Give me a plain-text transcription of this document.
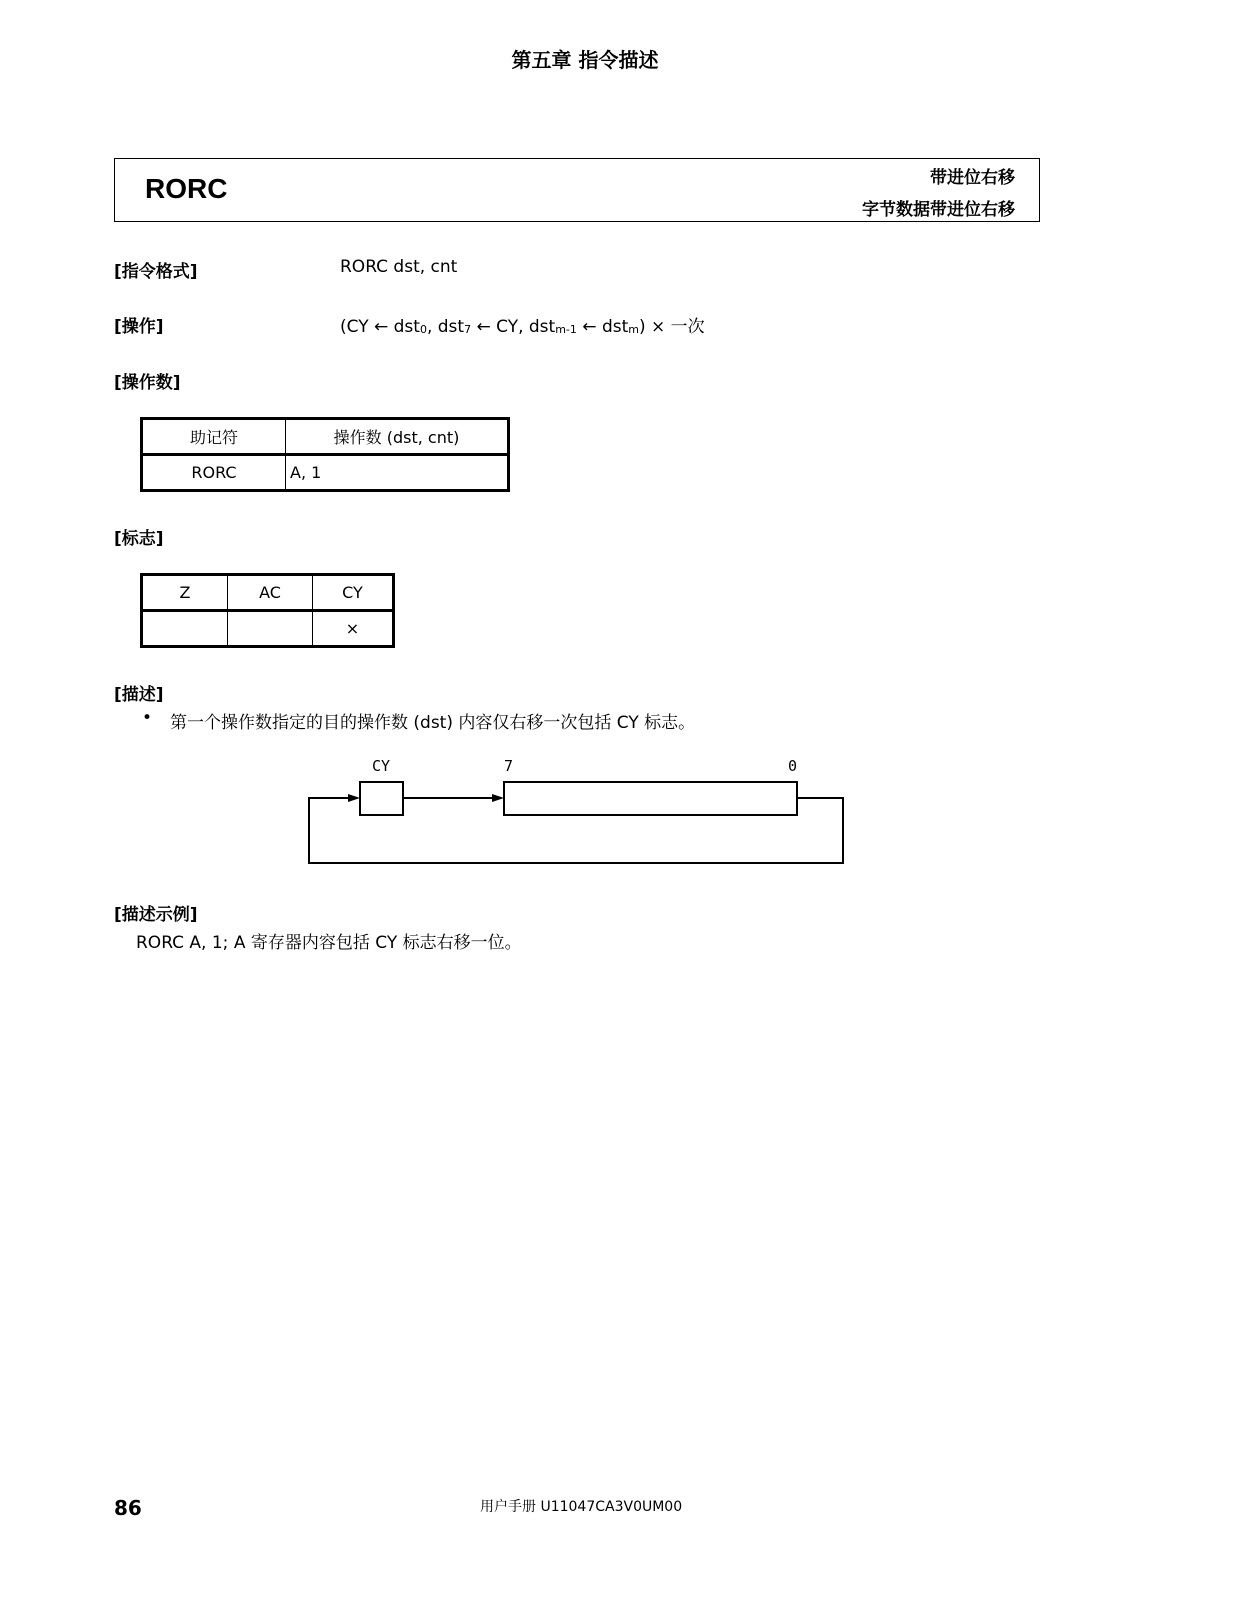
第五章 指令描述
RORC	带进位右移
字节数据带进位右移
[指令格式]	RORC dst, cnt
[操作]	(CY ← dst$_0$, dst$_7$ ← CY, dst$_{m-1}$ ← dst$_m$) × 一次
[操作数]
助记符	操作数 (dst, cnt)
RORC	A, 1
[标志]
Z	AC	CY
		×
[描述]
• 第一个操作数指定的目的操作数 (dst) 内容仅右移一次包括 CY 标志。
CY	7	0
[描述示例]
RORC A, 1; A 寄存器内容包括 CY 标志右移一位。
86	用户手册 U11047CA3V0UM00
